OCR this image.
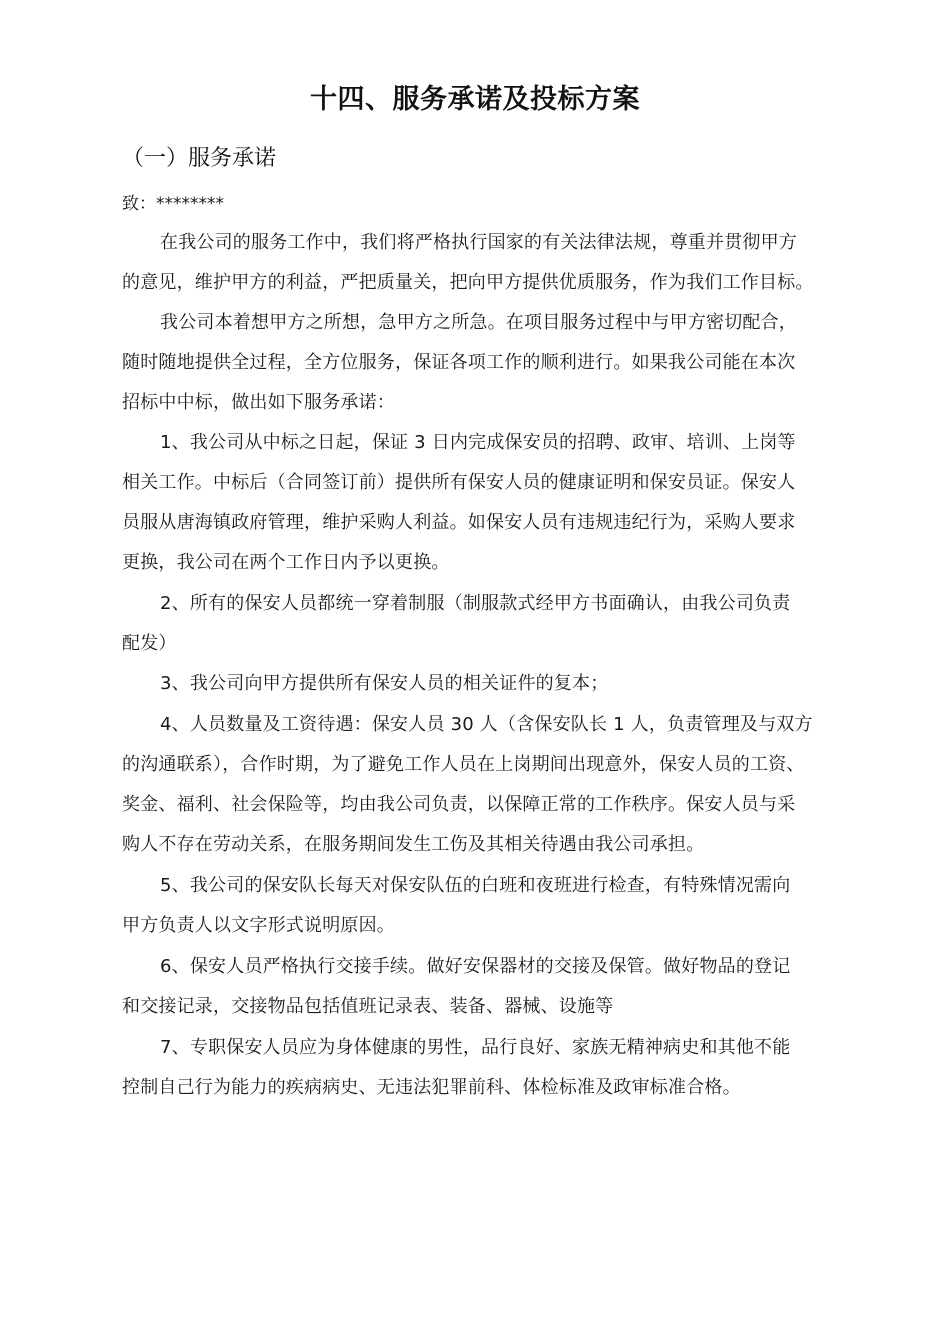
十四、服务承诺及投标方案
（一）服务承诺
致：********
在我公司的服务工作中，我们将严格执行国家的有关法律法规，尊重并贯彻甲方
的意见，维护甲方的利益，严把质量关，把向甲方提供优质服务，作为我们工作目标。
我公司本着想甲方之所想，急甲方之所急。在项目服务过程中与甲方密切配合，
随时随地提供全过程，全方位服务，保证各项工作的顺利进行。如果我公司能在本次
招标中中标，做出如下服务承诺：
1、我公司从中标之日起，保证 3 日内完成保安员的招聘、政审、培训、上岗等
相关工作。中标后（合同签订前）提供所有保安人员的健康证明和保安员证。保安人
员服从唐海镇政府管理，维护采购人利益。如保安人员有违规违纪行为，采购人要求
更换，我公司在两个工作日内予以更换。
2、所有的保安人员都统一穿着制服（制服款式经甲方书面确认，由我公司负责
配发）
3、我公司向甲方提供所有保安人员的相关证件的复本；
4、人员数量及工资待遇：保安人员 30 人（含保安队长 1 人，负责管理及与双方
的沟通联系），合作时期，为了避免工作人员在上岗期间出现意外，保安人员的工资、
奖金、福利、社会保险等，均由我公司负责，以保障正常的工作秩序。保安人员与采
购人不存在劳动关系，在服务期间发生工伤及其相关待遇由我公司承担。
5、我公司的保安队长每天对保安队伍的白班和夜班进行检查，有特殊情况需向
甲方负责人以文字形式说明原因。
6、保安人员严格执行交接手续。做好安保器材的交接及保管。做好物品的登记
和交接记录，交接物品包括值班记录表、装备、器械、设施等
7、专职保安人员应为身体健康的男性，品行良好、家族无精神病史和其他不能
控制自己行为能力的疾病病史、无违法犯罪前科、体检标准及政审标准合格。
